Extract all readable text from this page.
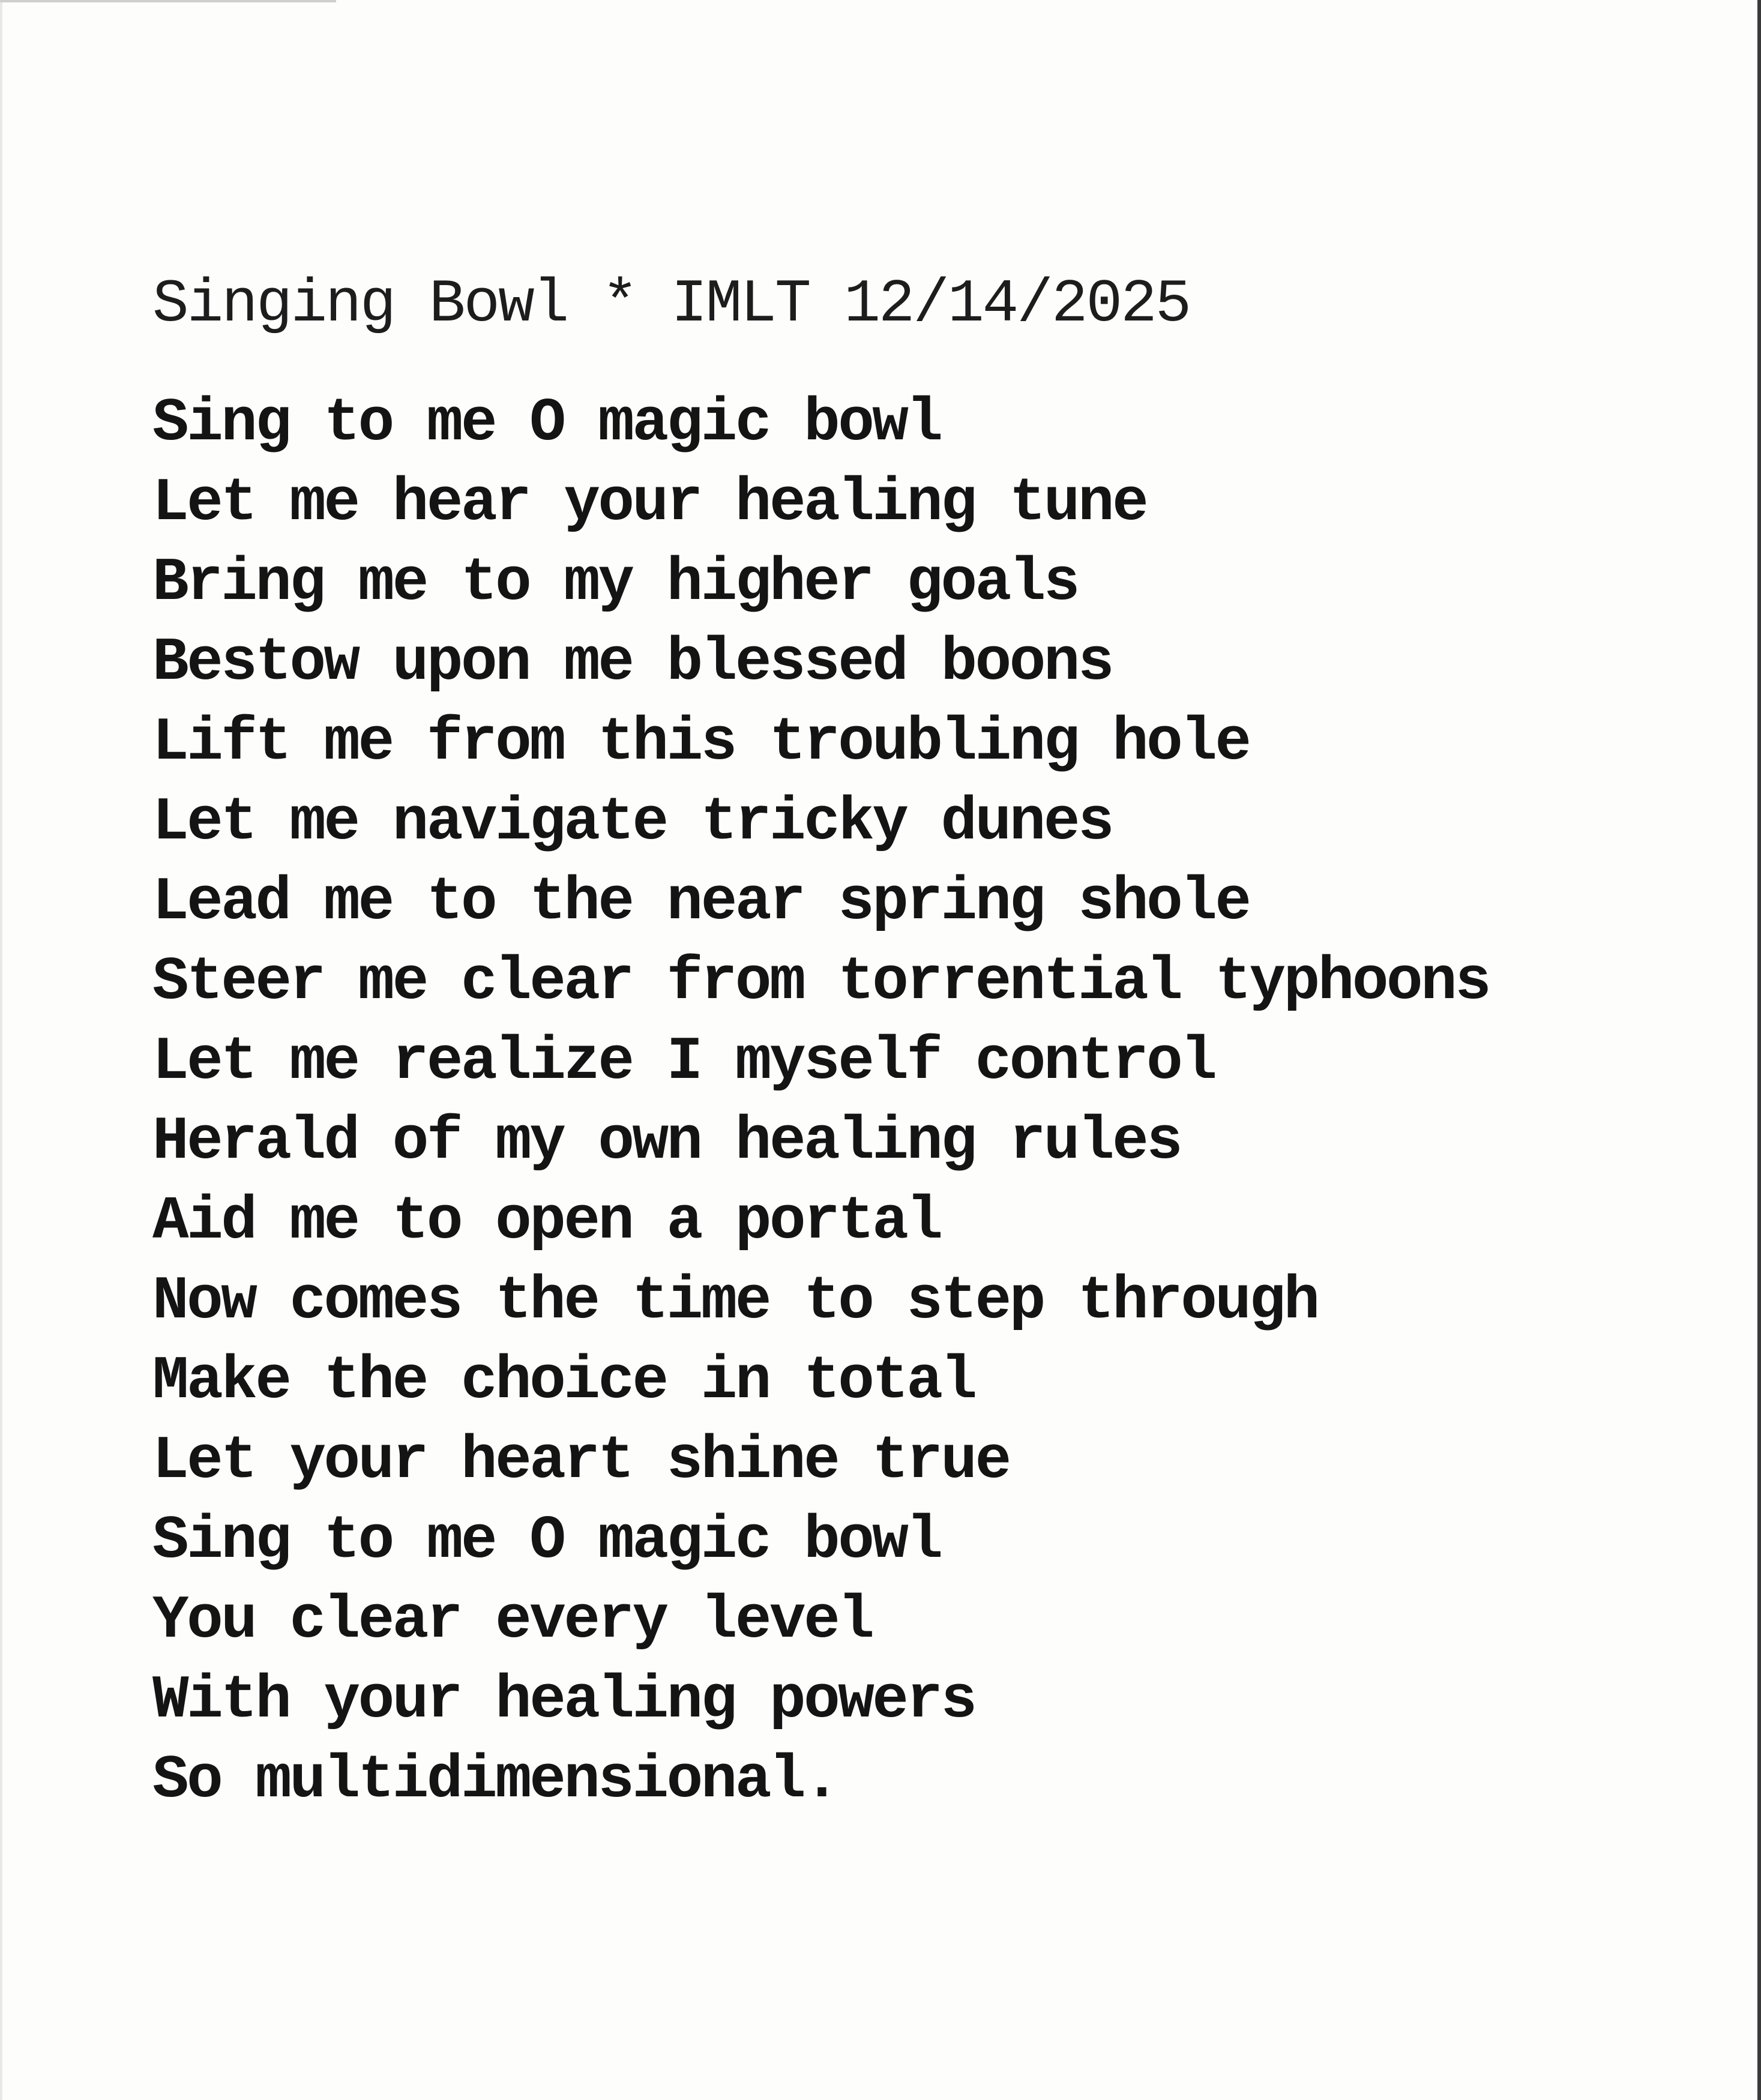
Singing Bowl * IMLT 12/14/2025
Sing to me O magic bowl
Let me hear your healing tune
Bring me to my higher goals
Bestow upon me blessed boons
Lift me from this troubling hole
Let me navigate tricky dunes
Lead me to the near spring shole
Steer me clear from torrential typhoons
Let me realize I myself control
Herald of my own healing rules
Aid me to open a portal
Now comes the time to step through
Make the choice in total
Let your heart shine true
Sing to me O magic bowl
You clear every level
With your healing powers
So multidimensional.
